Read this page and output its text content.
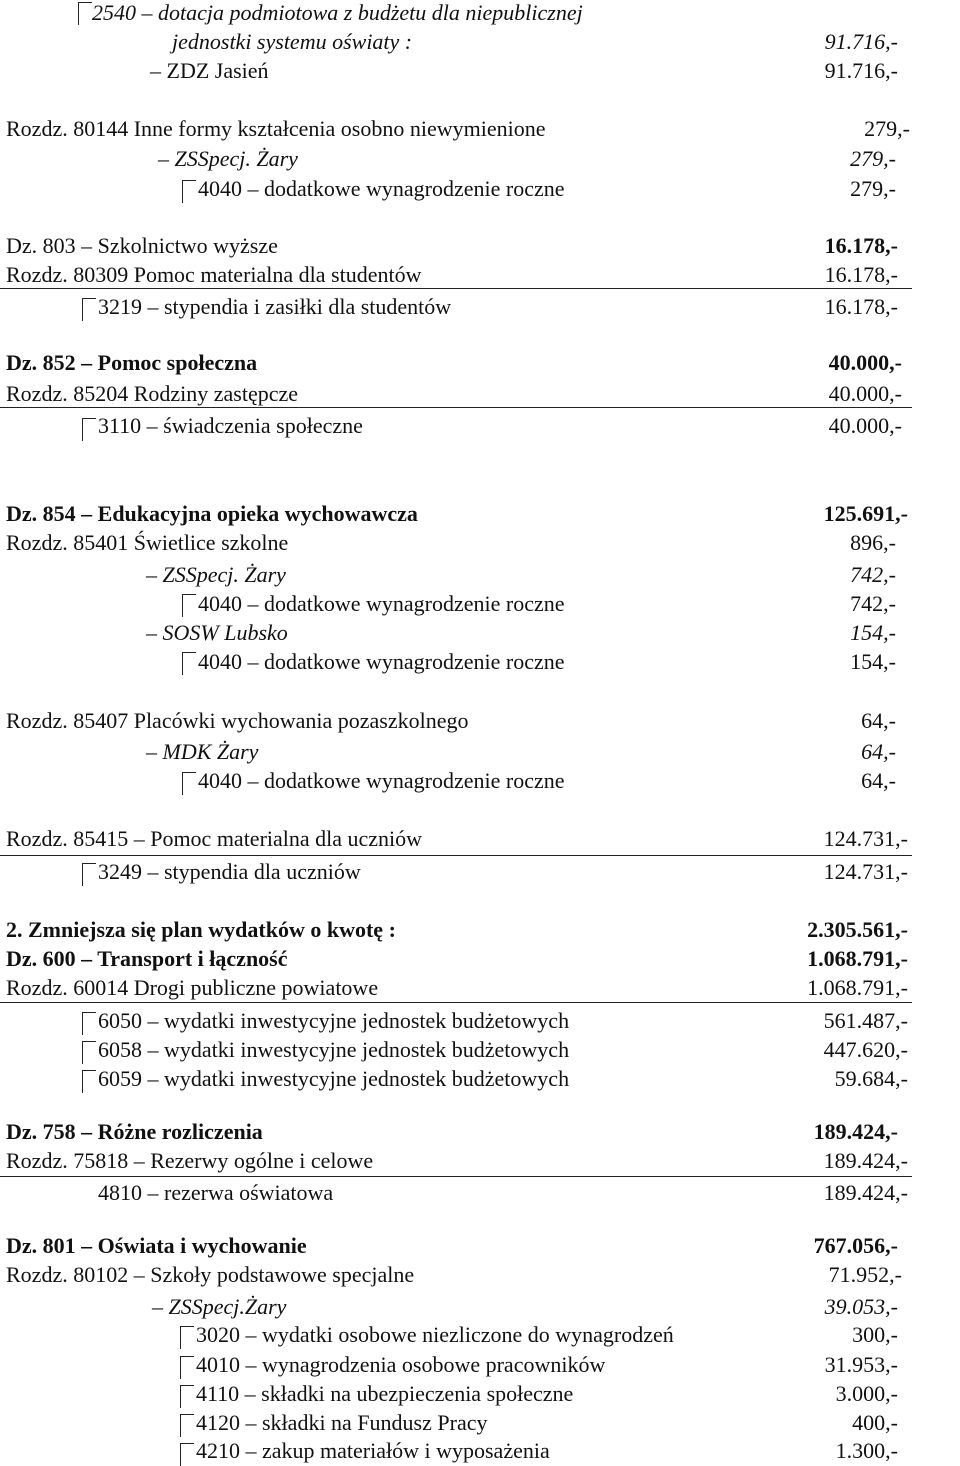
2540 – dotacja podmiotowa z budżetu dla niepublicznej
jednostki systemu oświaty :	91.716,-
– ZDZ Jasień	91.716,-
Rozdz. 80144 Inne formy kształcenia osobno niewymienione	279,-
– ZSSpecj. Żary	279,-
4040 – dodatkowe wynagrodzenie roczne	279,-
Dz. 803 – Szkolnictwo wyższe	16.178,-
Rozdz. 80309 Pomoc materialna dla studentów	16.178,-
3219 – stypendia i zasiłki dla studentów	16.178,-
Dz. 852 – Pomoc społeczna	40.000,-
Rozdz. 85204 Rodziny zastępcze	40.000,-
3110 – świadczenia społeczne	40.000,-
Dz. 854 – Edukacyjna opieka wychowawcza	125.691,-
Rozdz. 85401 Świetlice szkolne	896,-
– ZSSpecj. Żary	742,-
4040 – dodatkowe wynagrodzenie roczne	742,-
– SOSW Lubsko	154,-
4040 – dodatkowe wynagrodzenie roczne	154,-
Rozdz. 85407 Placówki wychowania pozaszkolnego	64,-
– MDK Żary	64,-
4040 – dodatkowe wynagrodzenie roczne	64,-
Rozdz. 85415 – Pomoc materialna dla uczniów	124.731,-
3249 – stypendia dla uczniów	124.731,-
2. Zmniejsza się plan wydatków o kwotę :	2.305.561,-
Dz. 600 – Transport i łączność	1.068.791,-
Rozdz. 60014 Drogi publiczne powiatowe	1.068.791,-
6050 – wydatki inwestycyjne jednostek budżetowych	561.487,-
6058 – wydatki inwestycyjne jednostek budżetowych	447.620,-
6059 – wydatki inwestycyjne jednostek budżetowych	59.684,-
Dz. 758 – Różne rozliczenia	189.424,-
Rozdz. 75818 – Rezerwy ogólne i celowe	189.424,-
4810 – rezerwa oświatowa	189.424,-
Dz. 801 – Oświata i wychowanie	767.056,-
Rozdz. 80102 – Szkoły podstawowe specjalne	71.952,-
– ZSSpecj.Żary	39.053,-
3020 – wydatki osobowe niezliczone do wynagrodzeń	300,-
4010 – wynagrodzenia osobowe pracowników	31.953,-
4110 – składki na ubezpieczenia społeczne	3.000,-
4120 – składki na Fundusz Pracy	400,-
4210 – zakup materiałów i wyposażenia	1.300,-
